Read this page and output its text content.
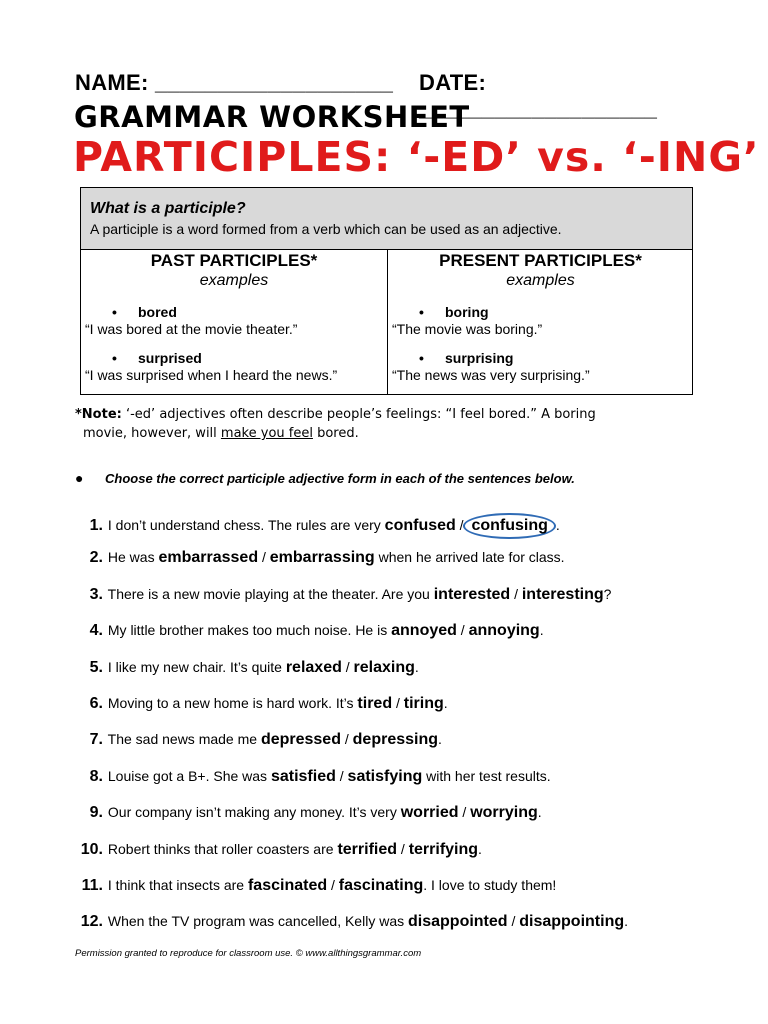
NAME: ___________________ DATE: ___________________
GRAMMAR WORKSHEET
PARTICIPLES: ‘-ED’ vs. ‘-ING’
What is a participle?
A participle is a word formed from a verb which can be used as an adjective.
PAST PARTICIPLES*
examples
• bored
“I was bored at the movie theater.”
• surprised
“I was surprised when I heard the news.”
PRESENT PARTICIPLES*
examples
• boring
“The movie was boring.”
• surprising
“The news was very surprising.”
*Note: ‘-ed’ adjectives often describe people’s feelings: “I feel bored.” A boring
movie, however, will make you feel bored.
● Choose the correct participle adjective form in each of the sentences below.
1. I don’t understand chess. The rules are very confused / confusing .
2. He was embarrassed / embarrassing when he arrived late for class.
3. There is a new movie playing at the theater. Are you interested / interesting?
4. My little brother makes too much noise. He is annoyed / annoying.
5. I like my new chair. It’s quite relaxed / relaxing.
6. Moving to a new home is hard work. It’s tired / tiring.
7. The sad news made me depressed / depressing.
8. Louise got a B+. She was satisfied / satisfying with her test results.
9. Our company isn’t making any money. It’s very worried / worrying.
10. Robert thinks that roller coasters are terrified / terrifying.
11. I think that insects are fascinated / fascinating. I love to study them!
12. When the TV program was cancelled, Kelly was disappointed / disappointing.
Permission granted to reproduce for classroom use. © www.allthingsgrammar.com
